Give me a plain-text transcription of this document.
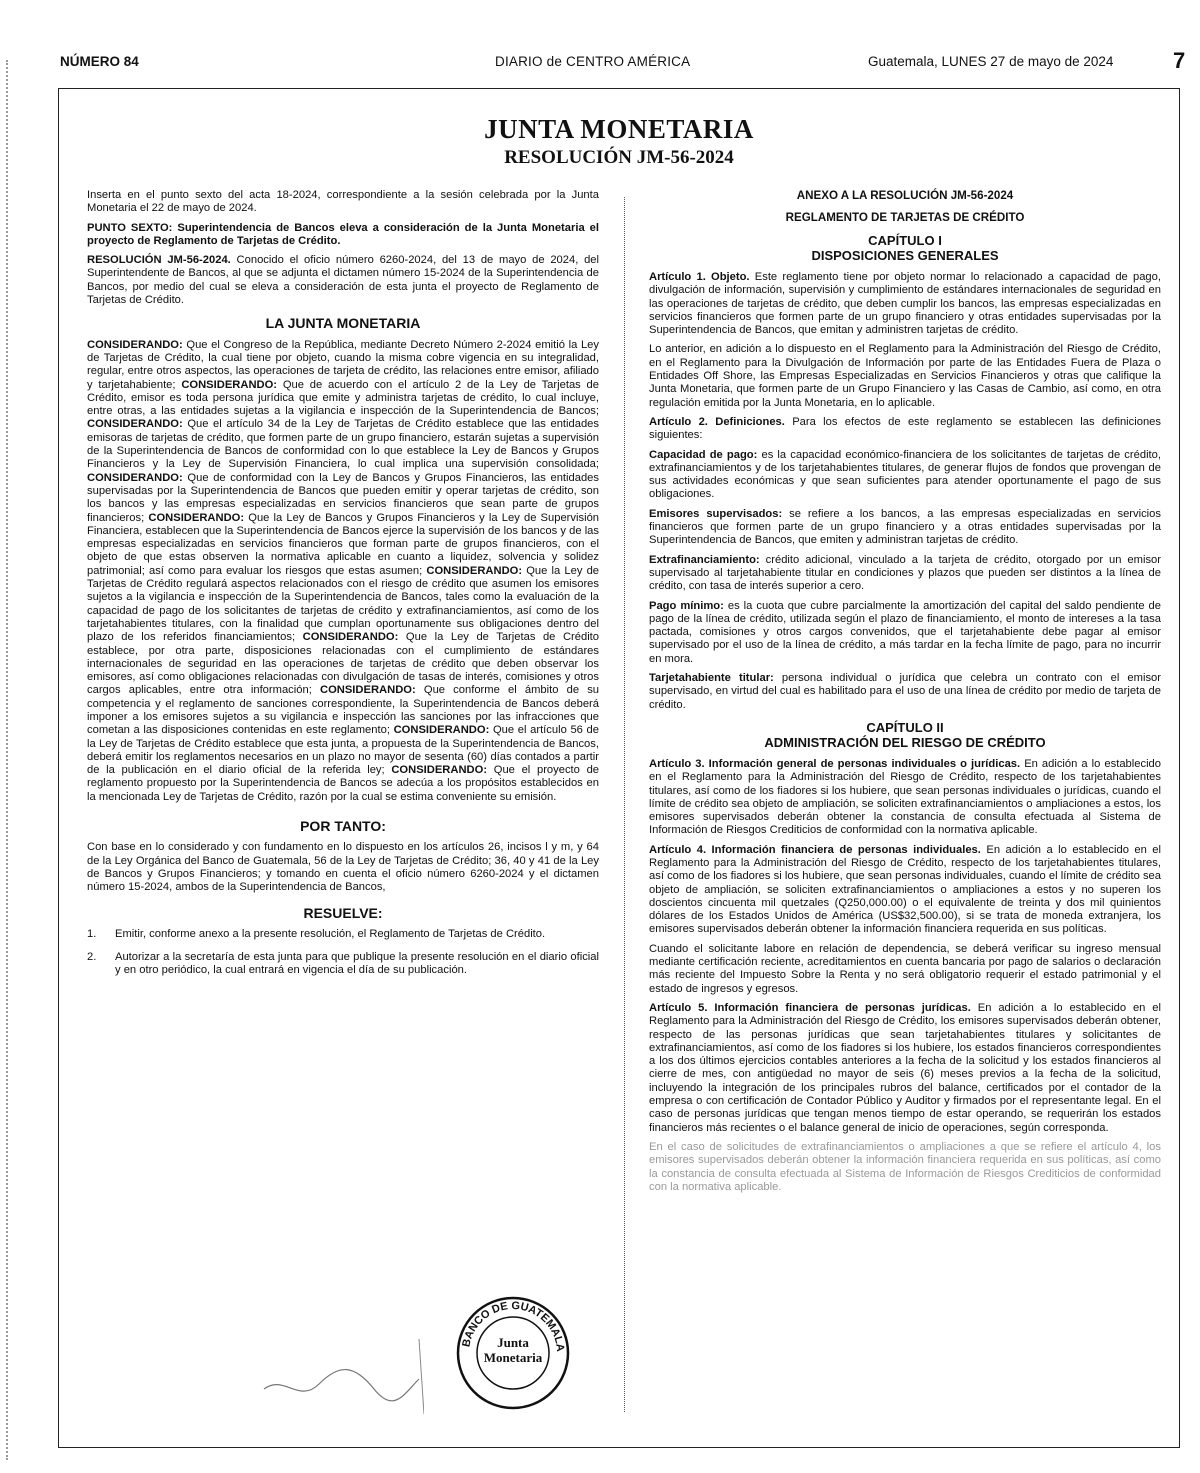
NÚMERO 84	DIARIO de CENTRO AMÉRICA	Guatemala, LUNES 27 de mayo de 2024	7
JUNTA MONETARIA
RESOLUCIÓN JM-56-2024

Inserta en el punto sexto del acta 18-2024, correspondiente a la sesión celebrada por la Junta Monetaria el 22 de mayo de 2024.

PUNTO SEXTO: Superintendencia de Bancos eleva a consideración de la Junta Monetaria el proyecto de Reglamento de Tarjetas de Crédito.

RESOLUCIÓN JM-56-2024. Conocido el oficio número 6260-2024, del 13 de mayo de 2024, del Superintendente de Bancos, al que se adjunta el dictamen número 15-2024 de la Superintendencia de Bancos, por medio del cual se eleva a consideración de esta junta el proyecto de Reglamento de Tarjetas de Crédito.

LA JUNTA MONETARIA

CONSIDERANDO: Que el Congreso de la República, mediante Decreto Número 2-2024 emitió la Ley de Tarjetas de Crédito, la cual tiene por objeto, cuando la misma cobre vigencia en su integralidad, regular, entre otros aspectos, las operaciones de tarjeta de crédito, las relaciones entre emisor, afiliado y tarjetahabiente; CONSIDERANDO: Que de acuerdo con el artículo 2 de la Ley de Tarjetas de Crédito, emisor es toda persona jurídica que emite y administra tarjetas de crédito, lo cual incluye, entre otras, a las entidades sujetas a la vigilancia e inspección de la Superintendencia de Bancos; CONSIDERANDO: Que el artículo 34 de la Ley de Tarjetas de Crédito establece que las entidades emisoras de tarjetas de crédito, que formen parte de un grupo financiero, estarán sujetas a supervisión de la Superintendencia de Bancos de conformidad con lo que establece la Ley de Bancos y Grupos Financieros y la Ley de Supervisión Financiera, lo cual implica una supervisión consolidada; CONSIDERANDO: Que de conformidad con la Ley de Bancos y Grupos Financieros, las entidades supervisadas por la Superintendencia de Bancos que pueden emitir y operar tarjetas de crédito, son los bancos y las empresas especializadas en servicios financieros que sean parte de grupos financieros; CONSIDERANDO: Que la Ley de Bancos y Grupos Financieros y la Ley de Supervisión Financiera, establecen que la Superintendencia de Bancos ejerce la supervisión de los bancos y de las empresas especializadas en servicios financieros que forman parte de grupos financieros, con el objeto de que estas observen la normativa aplicable en cuanto a liquidez, solvencia y solidez patrimonial; así como para evaluar los riesgos que estas asumen; CONSIDERANDO: Que la Ley de Tarjetas de Crédito regulará aspectos relacionados con el riesgo de crédito que asumen los emisores sujetos a la vigilancia e inspección de la Superintendencia de Bancos, tales como la evaluación de la capacidad de pago de los solicitantes de tarjetas de crédito y extrafinanciamientos, así como de los tarjetahabientes titulares, con la finalidad que cumplan oportunamente sus obligaciones dentro del plazo de los referidos financiamientos; CONSIDERANDO: Que la Ley de Tarjetas de Crédito establece, por otra parte, disposiciones relacionadas con el cumplimiento de estándares internacionales de seguridad en las operaciones de tarjetas de crédito que deben observar los emisores, así como obligaciones relacionadas con divulgación de tasas de interés, comisiones y otros cargos aplicables, entre otra información; CONSIDERANDO: Que conforme el ámbito de su competencia y el reglamento de sanciones correspondiente, la Superintendencia de Bancos deberá imponer a los emisores sujetos a su vigilancia e inspección las sanciones por las infracciones que cometan a las disposiciones contenidas en este reglamento; CONSIDERANDO: Que el artículo 56 de la Ley de Tarjetas de Crédito establece que esta junta, a propuesta de la Superintendencia de Bancos, deberá emitir los reglamentos necesarios en un plazo no mayor de sesenta (60) días contados a partir de la publicación en el diario oficial de la referida ley; CONSIDERANDO: Que el proyecto de reglamento propuesto por la Superintendencia de Bancos se adecúa a los propósitos establecidos en la mencionada Ley de Tarjetas de Crédito, razón por la cual se estima conveniente su emisión.

POR TANTO:

Con base en lo considerado y con fundamento en lo dispuesto en los artículos 26, incisos l y m, y 64 de la Ley Orgánica del Banco de Guatemala, 56 de la Ley de Tarjetas de Crédito; 36, 40 y 41 de la Ley de Bancos y Grupos Financieros; y tomando en cuenta el oficio número 6260-2024 y el dictamen número 15-2024, ambos de la Superintendencia de Bancos,

RESUELVE:
1.	Emitir, conforme anexo a la presente resolución, el Reglamento de Tarjetas de Crédito.
2.	Autorizar a la secretaría de esta junta para que publique la presente resolución en el diario oficial y en otro periódico, la cual entrará en vigencia el día de su publicación.
BANCO DE GUATEMALA
Junta Monetaria
ANEXO A LA RESOLUCIÓN JM-56-2024
REGLAMENTO DE TARJETAS DE CRÉDITO
CAPÍTULO I
DISPOSICIONES GENERALES

Artículo 1. Objeto. Este reglamento tiene por objeto normar lo relacionado a capacidad de pago, divulgación de información, supervisión y cumplimiento de estándares internacionales de seguridad en las operaciones de tarjetas de crédito, que deben cumplir los bancos, las empresas especializadas en servicios financieros que formen parte de un grupo financiero y otras entidades supervisadas por la Superintendencia de Bancos, que emitan y administren tarjetas de crédito.

Lo anterior, en adición a lo dispuesto en el Reglamento para la Administración del Riesgo de Crédito, en el Reglamento para la Divulgación de Información por parte de las Entidades Fuera de Plaza o Entidades Off Shore, las Empresas Especializadas en Servicios Financieros y otras que califique la Junta Monetaria, que formen parte de un Grupo Financiero y las Casas de Cambio, así como, en otra regulación emitida por la Junta Monetaria, en lo aplicable.

Artículo 2. Definiciones. Para los efectos de este reglamento se establecen las definiciones siguientes:

Capacidad de pago: es la capacidad económico-financiera de los solicitantes de tarjetas de crédito, extrafinanciamientos y de los tarjetahabientes titulares, de generar flujos de fondos que provengan de sus actividades económicas y que sean suficientes para atender oportunamente el pago de sus obligaciones.

Emisores supervisados: se refiere a los bancos, a las empresas especializadas en servicios financieros que formen parte de un grupo financiero y a otras entidades supervisadas por la Superintendencia de Bancos, que emiten y administran tarjetas de crédito.

Extrafinanciamiento: crédito adicional, vinculado a la tarjeta de crédito, otorgado por un emisor supervisado al tarjetahabiente titular en condiciones y plazos que pueden ser distintos a la línea de crédito, con tasa de interés superior a cero.

Pago mínimo: es la cuota que cubre parcialmente la amortización del capital del saldo pendiente de pago de la línea de crédito, utilizada según el plazo de financiamiento, el monto de intereses a la tasa pactada, comisiones y otros cargos convenidos, que el tarjetahabiente debe pagar al emisor supervisado por el uso de la línea de crédito, a más tardar en la fecha límite de pago, para no incurrir en mora.

Tarjetahabiente titular: persona individual o jurídica que celebra un contrato con el emisor supervisado, en virtud del cual es habilitado para el uso de una línea de crédito por medio de tarjeta de crédito.

CAPÍTULO II
ADMINISTRACIÓN DEL RIESGO DE CRÉDITO

Artículo 3. Información general de personas individuales o jurídicas. En adición a lo establecido en el Reglamento para la Administración del Riesgo de Crédito, respecto de los tarjetahabientes titulares, así como de los fiadores si los hubiere, que sean personas individuales o jurídicas, cuando el límite de crédito sea objeto de ampliación, se soliciten extrafinanciamientos o ampliaciones a estos, los emisores supervisados deberán obtener la constancia de consulta efectuada al Sistema de Información de Riesgos Crediticios de conformidad con la normativa aplicable.

Artículo 4. Información financiera de personas individuales. En adición a lo establecido en el Reglamento para la Administración del Riesgo de Crédito, respecto de los tarjetahabientes titulares, así como de los fiadores si los hubiere, que sean personas individuales, cuando el límite de crédito sea objeto de ampliación, se soliciten extrafinanciamientos o ampliaciones a estos y no superen los doscientos cincuenta mil quetzales (Q250,000.00) o el equivalente de treinta y dos mil quinientos dólares de los Estados Unidos de América (US$32,500.00), si se trata de moneda extranjera, los emisores supervisados deberán obtener la información financiera requerida en sus políticas.

Cuando el solicitante labore en relación de dependencia, se deberá verificar su ingreso mensual mediante certificación reciente, acreditamientos en cuenta bancaria por pago de salarios o declaración más reciente del Impuesto Sobre la Renta y no será obligatorio requerir el estado patrimonial y el estado de ingresos y egresos.

Artículo 5. Información financiera de personas jurídicas. En adición a lo establecido en el Reglamento para la Administración del Riesgo de Crédito, los emisores supervisados deberán obtener, respecto de las personas jurídicas que sean tarjetahabientes titulares y solicitantes de extrafinanciamientos, así como de los fiadores si los hubiere, los estados financieros correspondientes a los dos últimos ejercicios contables anteriores a la fecha de la solicitud y los estados financieros al cierre de mes, con antigüedad no mayor de seis (6) meses previos a la fecha de la solicitud, incluyendo la integración de los principales rubros del balance, certificados por el contador de la empresa o con certificación de Contador Público y Auditor y firmados por el representante legal. En el caso de personas jurídicas que tengan menos tiempo de estar operando, se requerirán los estados financieros más recientes o el balance general de inicio de operaciones, según corresponda.

En el caso de solicitudes de extrafinanciamientos o ampliaciones a que se refiere el artículo 4, los emisores supervisados deberán obtener la información financiera requerida en sus políticas, así como la constancia de consulta efectuada al Sistema de Información de Riesgos Crediticios de conformidad con la normativa aplicable.
